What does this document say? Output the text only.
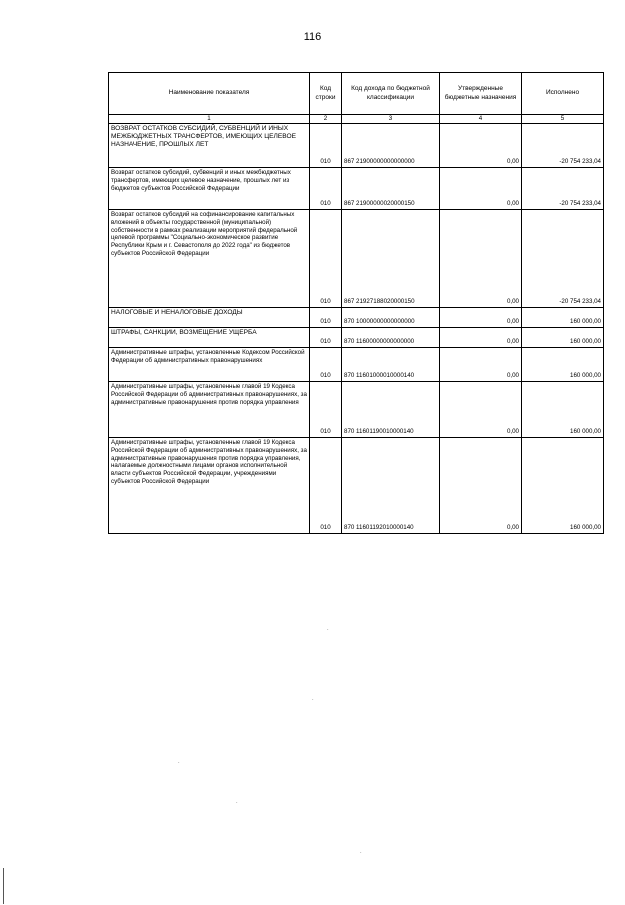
116
Наименование показателя	Код строки	Код дохода по бюджетной классификации	Утвержденные бюджетные назначения	Исполнено
1	2	3	4	5
ВОЗВРАТ ОСТАТКОВ СУБСИДИЙ, СУБВЕНЦИЙ И ИНЫХ МЕЖБЮДЖЕТНЫХ ТРАНСФЕРТОВ, ИМЕЮЩИХ ЦЕЛЕВОЕ НАЗНАЧЕНИЕ, ПРОШЛЫХ ЛЕТ	010	867 21900000000000000	0,00	-20 754 233,04
Возврат остатков субсидий, субвенций и иных межбюджетных трансфертов, имеющих целевое назначение, прошлых лет из бюджетов субъектов Российской Федерации	010	867 21900000020000150	0,00	-20 754 233,04
Возврат остатков субсидий на софинансирование капитальных вложений в объекты государственной (муниципальной) собственности в рамках реализации мероприятий федеральной целевой программы "Социально-экономическое развитие Республики Крым и г. Севастополя до 2022 года" из бюджетов субъектов Российской Федерации	010	867 21927188020000150	0,00	-20 754 233,04
НАЛОГОВЫЕ И НЕНАЛОГОВЫЕ ДОХОДЫ	010	870 10000000000000000	0,00	160 000,00
ШТРАФЫ, САНКЦИИ, ВОЗМЕЩЕНИЕ УЩЕРБА	010	870 11600000000000000	0,00	160 000,00
Административные штрафы, установленные Кодексом Российской Федерации об административных правонарушениях	010	870 11601000010000140	0,00	160 000,00
Административные штрафы, установленные главой 19 Кодекса Российской Федерации об административных правонарушениях, за административные правонарушения против порядка управления	010	870 11601190010000140	0,00	160 000,00
Административные штрафы, установленные главой 19 Кодекса Российской Федерации об административных правонарушениях, за административные правонарушения против порядка управления, налагаемые должностными лицами органов исполнительной власти субъектов Российской Федерации, учреждениями субъектов Российской Федерации	010	870 11601192010000140	0,00	160 000,00
·
·
·
·
·
